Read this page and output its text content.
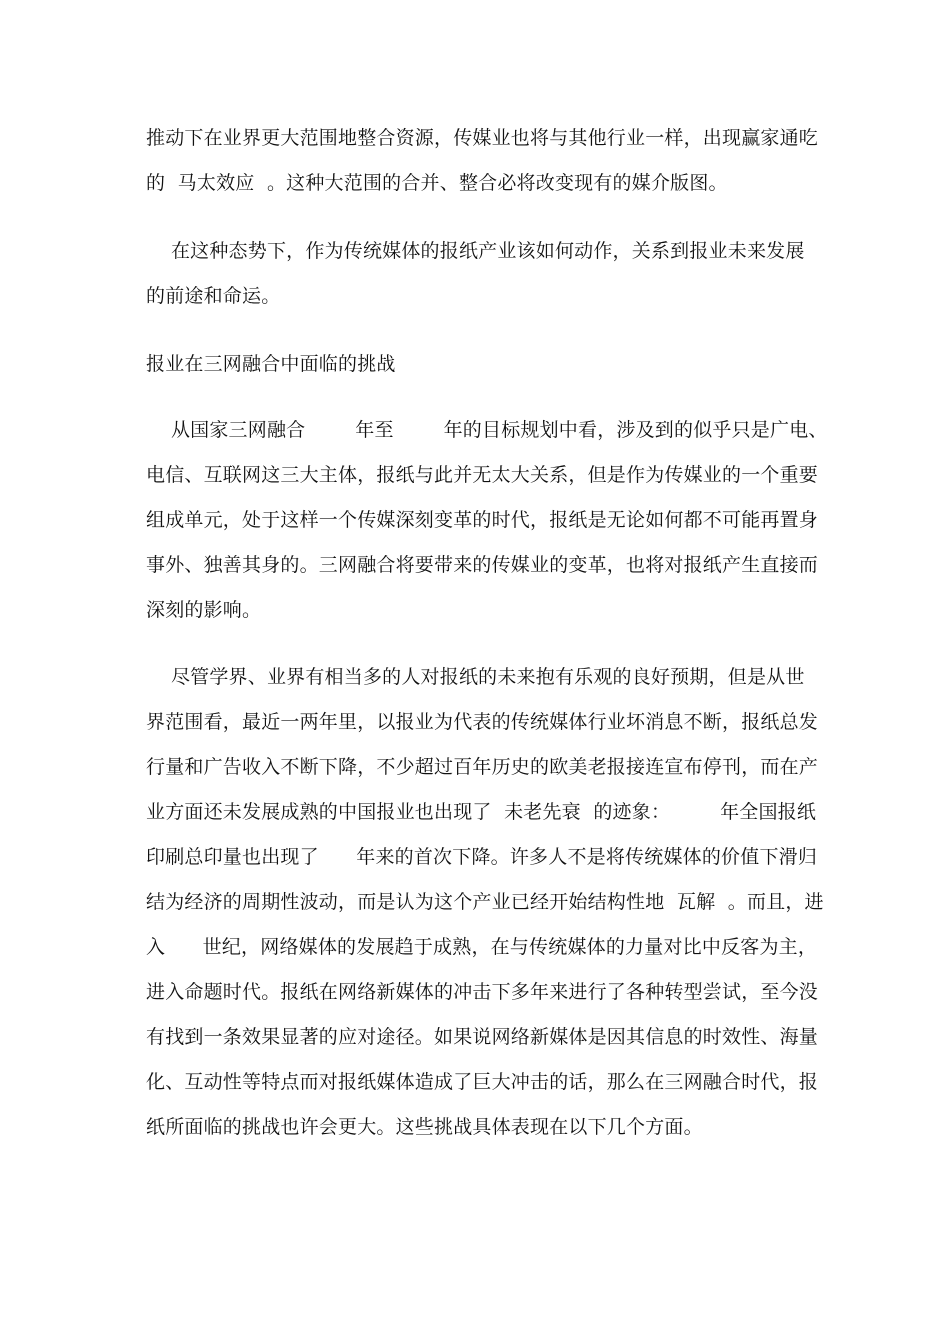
推动下在业界更大范围地整合资源，传媒业也将与其他行业一样，出现赢家通吃
的  马太效应  。这种大范围的合并、整合必将改变现有的媒介版图。
在这种态势下，作为传统媒体的报纸产业该如何动作，关系到报业未来发展
的前途和命运。
报业在三网融合中面临的挑战
从国家三网融合        年至        年的目标规划中看，涉及到的似乎只是广电、
电信、互联网这三大主体，报纸与此并无太大关系，但是作为传媒业的一个重要
组成单元，处于这样一个传媒深刻变革的时代，报纸是无论如何都不可能再置身
事外、独善其身的。三网融合将要带来的传媒业的变革，也将对报纸产生直接而
深刻的影响。
尽管学界、业界有相当多的人对报纸的未来抱有乐观的良好预期，但是从世
界范围看，最近一两年里，以报业为代表的传统媒体行业坏消息不断，报纸总发
行量和广告收入不断下降，不少超过百年历史的欧美老报接连宣布停刊，而在产
业方面还未发展成熟的中国报业也出现了  未老先衰  的迹象：        年全国报纸
印刷总印量也出现了      年来的首次下降。许多人不是将传统媒体的价值下滑归
结为经济的周期性波动，而是认为这个产业已经开始结构性地  瓦解  。而且，进
入      世纪，网络媒体的发展趋于成熟，在与传统媒体的力量对比中反客为主，
进入命题时代。报纸在网络新媒体的冲击下多年来进行了各种转型尝试，至今没
有找到一条效果显著的应对途径。如果说网络新媒体是因其信息的时效性、海量
化、互动性等特点而对报纸媒体造成了巨大冲击的话，那么在三网融合时代，报
纸所面临的挑战也许会更大。这些挑战具体表现在以下几个方面。
